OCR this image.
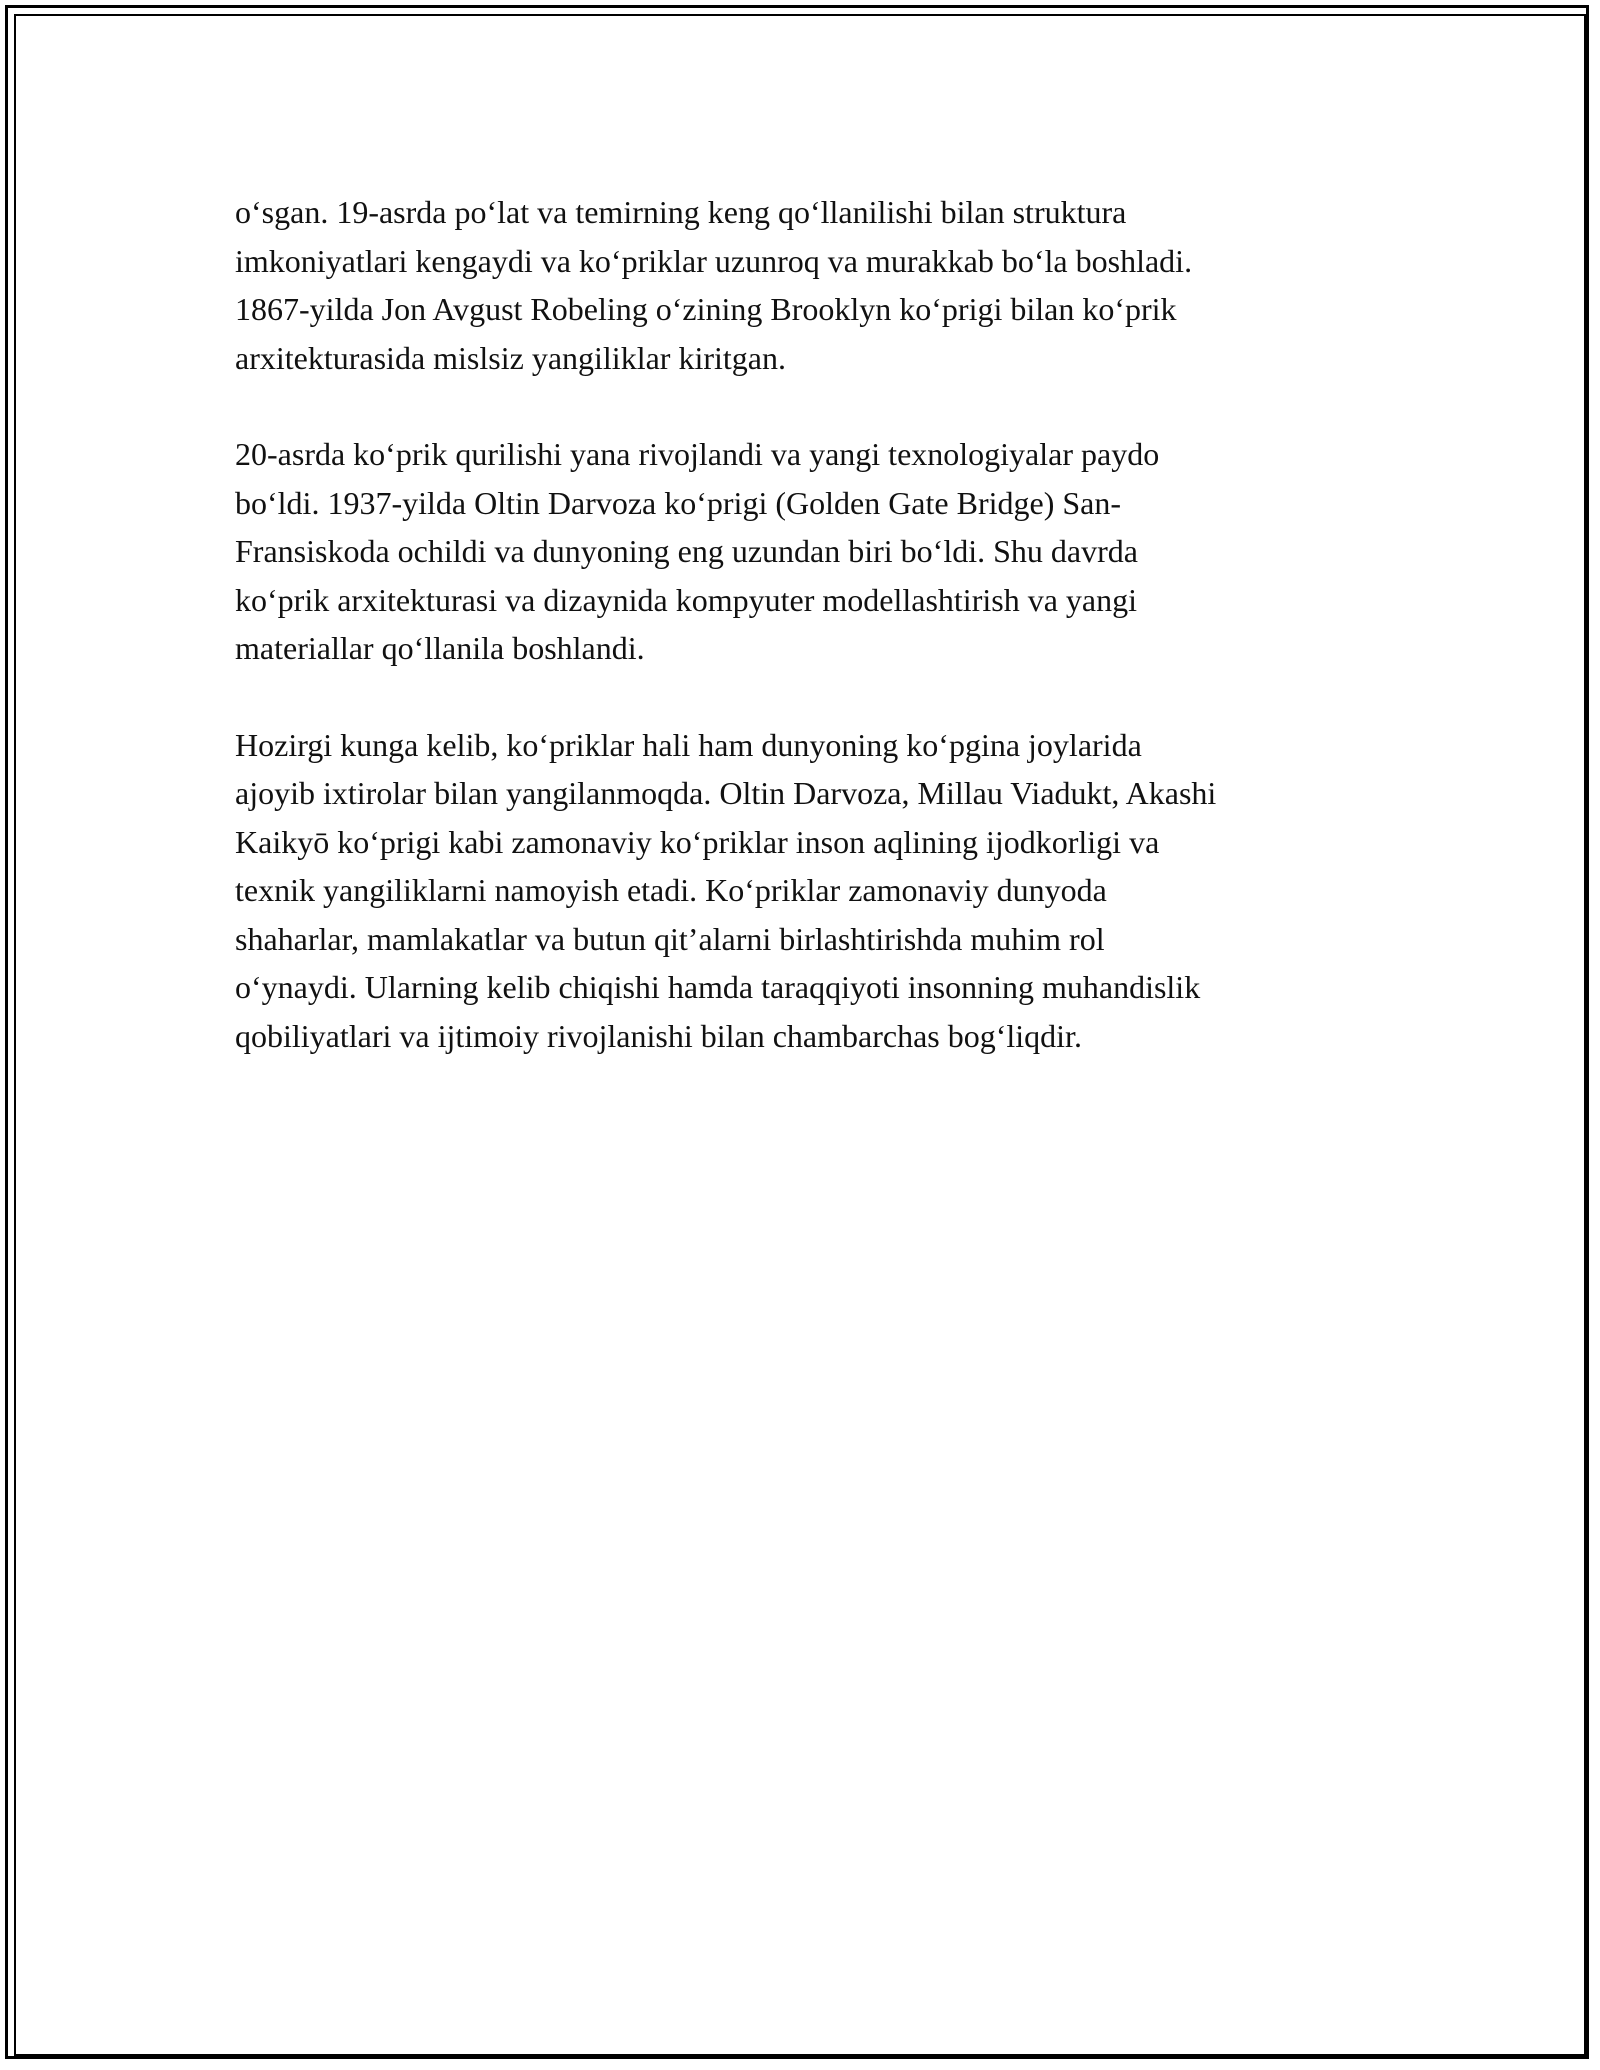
o‘sgan. 19-asrda po‘lat va temirning keng qo‘llanilishi bilan struktura
imkoniyatlari kengaydi va ko‘priklar uzunroq va murakkab bo‘la boshladi.
1867-yilda Jon Avgust Robeling o‘zining Brooklyn ko‘prigi bilan ko‘prik
arxitekturasida mislsiz yangiliklar kiritgan.

20-asrda ko‘prik qurilishi yana rivojlandi va yangi texnologiyalar paydo
bo‘ldi. 1937-yilda Oltin Darvoza ko‘prigi (Golden Gate Bridge) San-
Fransiskoda ochildi va dunyoning eng uzundan biri bo‘ldi. Shu davrda
ko‘prik arxitekturasi va dizaynida kompyuter modellashtirish va yangi
materiallar qo‘llanila boshlandi.

Hozirgi kunga kelib, ko‘priklar hali ham dunyoning ko‘pgina joylarida
ajoyib ixtirolar bilan yangilanmoqda. Oltin Darvoza, Millau Viadukt, Akashi
Kaikyō ko‘prigi kabi zamonaviy ko‘priklar inson aqlining ijodkorligi va
texnik yangiliklarni namoyish etadi. Ko‘priklar zamonaviy dunyoda
shaharlar, mamlakatlar va butun qit’alarni birlashtirishda muhim rol
o‘ynaydi. Ularning kelib chiqishi hamda taraqqiyoti insonning muhandislik
qobiliyatlari va ijtimoiy rivojlanishi bilan chambarchas bog‘liqdir.
